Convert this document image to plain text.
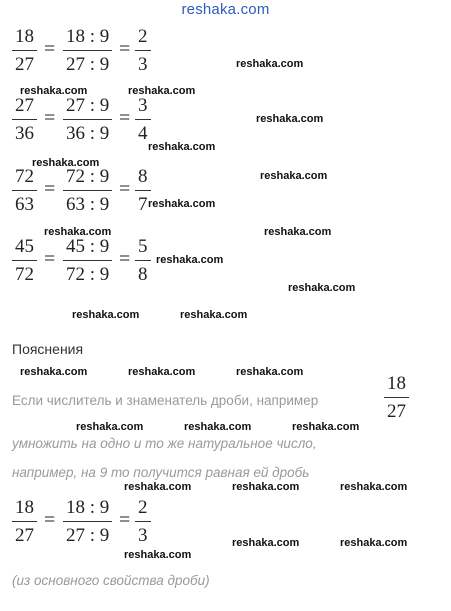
reshaka.com
18
27
=
18 : 9
27 : 9
=
2
3
27
36
=
27 : 9
36 : 9
=
3
4
72
63
=
72 : 9
63 : 9
=
8
7
45
72
=
45 : 9
72 : 9
=
5
8
Пояснения
Если числитель и знаменатель дроби, например
18
27
умножить на одно и то же натуральное число,
например, на 9 то получится равная ей дробь
18
27
=
18 : 9
27 : 9
=
2
3
(из основного свойства дроби)
reshaka.com
reshaka.com	reshaka.com
reshaka.com
reshaka.com
reshaka.com
reshaka.com
reshaka.com
reshaka.com	reshaka.com
reshaka.com
reshaka.com
reshaka.com	reshaka.com
reshaka.com	reshaka.com	reshaka.com
reshaka.com	reshaka.com	reshaka.com
reshaka.com	reshaka.com	reshaka.com
reshaka.com	reshaka.com
reshaka.com
